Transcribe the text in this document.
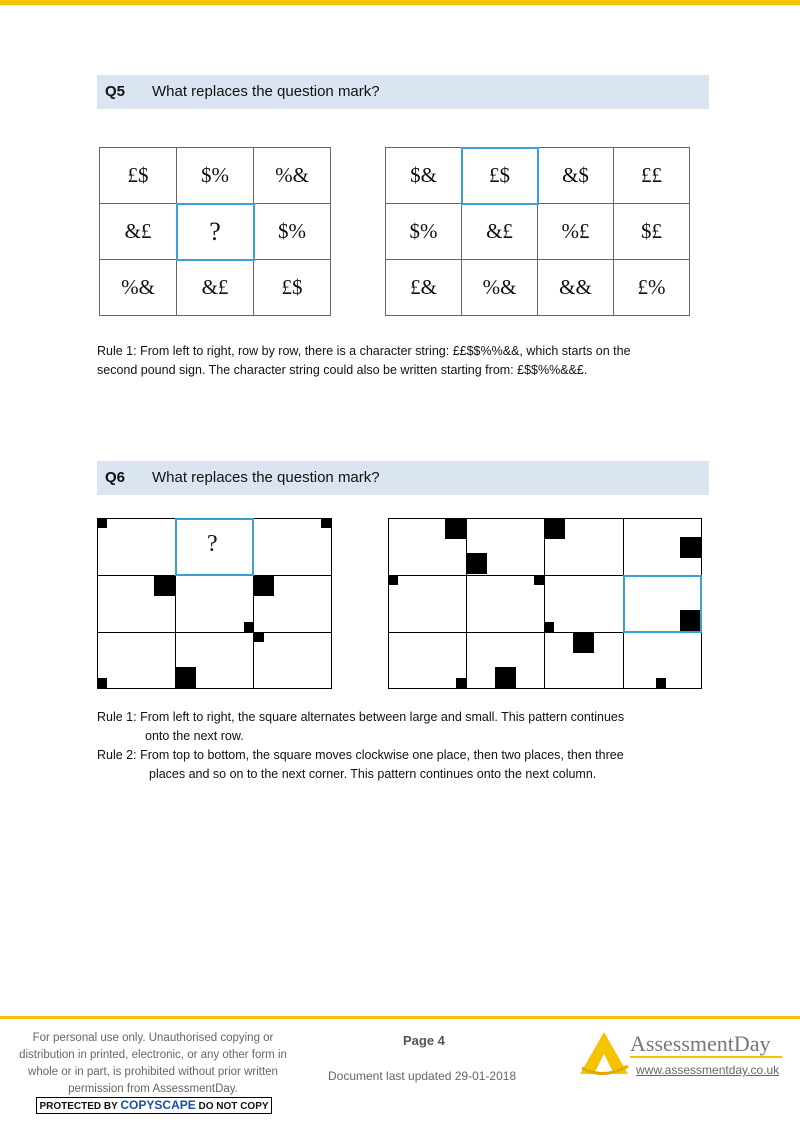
Q5 What replaces the question mark?
£$	$%	%&
&£	?	$%
%&	&£	£$
$&	£$	&$	££
$%	&£	%£	$£
£&	%&	&&	£%
Rule 1: From left to right, row by row, there is a character string: ££$$%%&&, which starts on the
second pound sign. The character string could also be written starting from: £$$%%&&£.
Q6 What replaces the question mark?
?
Rule 1: From left to right, the square alternates between large and small. This pattern continues
onto the next row.
Rule 2: From top to bottom, the square moves clockwise one place, then two places, then three
places and so on to the next corner. This pattern continues onto the next column.
For personal use only. Unauthorised copying or distribution in printed, electronic, or any other form in whole or in part, is prohibited without prior written permission from AssessmentDay.
PROTECTED BY COPYSCAPE DO NOT COPY
Page 4
Document last updated 29-01-2018
AssessmentDay
www.assessmentday.co.uk
